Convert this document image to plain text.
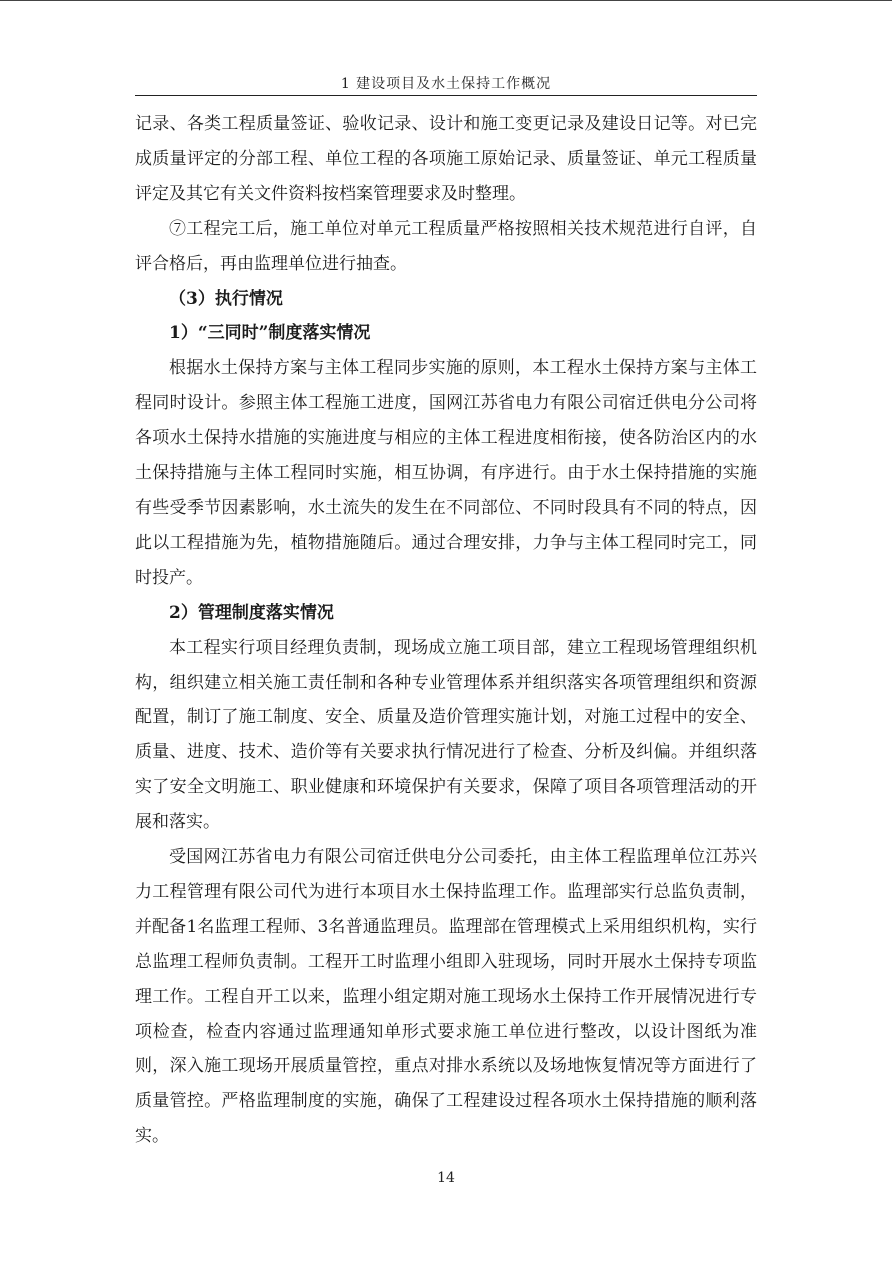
1 建设项目及水土保持工作概况

记录、各类工程质量签证、验收记录、设计和施工变更记录及建设日记等。对已完成质量评定的分部工程、单位工程的各项施工原始记录、质量签证、单元工程质量评定及其它有关文件资料按档案管理要求及时整理。

⑦工程完工后，施工单位对单元工程质量严格按照相关技术规范进行自评，自评合格后，再由监理单位进行抽查。

（3）执行情况

1）“三同时”制度落实情况

根据水土保持方案与主体工程同步实施的原则，本工程水土保持方案与主体工程同时设计。参照主体工程施工进度，国网江苏省电力有限公司宿迁供电分公司将各项水土保持水措施的实施进度与相应的主体工程进度相衔接，使各防治区内的水土保持措施与主体工程同时实施，相互协调，有序进行。由于水土保持措施的实施有些受季节因素影响，水土流失的发生在不同部位、不同时段具有不同的特点，因此以工程措施为先，植物措施随后。通过合理安排，力争与主体工程同时完工，同时投产。

2）管理制度落实情况

本工程实行项目经理负责制，现场成立施工项目部，建立工程现场管理组织机构，组织建立相关施工责任制和各种专业管理体系并组织落实各项管理组织和资源配置，制订了施工制度、安全、质量及造价管理实施计划，对施工过程中的安全、质量、进度、技术、造价等有关要求执行情况进行了检查、分析及纠偏。并组织落实了安全文明施工、职业健康和环境保护有关要求，保障了项目各项管理活动的开展和落实。

受国网江苏省电力有限公司宿迁供电分公司委托，由主体工程监理单位江苏兴力工程管理有限公司代为进行本项目水土保持监理工作。监理部实行总监负责制，并配备1名监理工程师、3名普通监理员。监理部在管理模式上采用组织机构，实行总监理工程师负责制。工程开工时监理小组即入驻现场，同时开展水土保持专项监理工作。工程自开工以来，监理小组定期对施工现场水土保持工作开展情况进行专项检查，检查内容通过监理通知单形式要求施工单位进行整改，以设计图纸为准则，深入施工现场开展质量管控，重点对排水系统以及场地恢复情况等方面进行了质量管控。严格监理制度的实施，确保了工程建设过程各项水土保持措施的顺利落实。

14
